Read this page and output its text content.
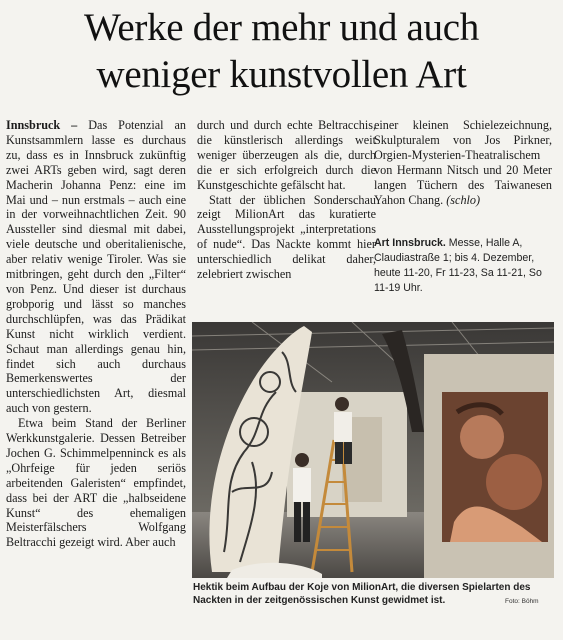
Werke der mehr und auch
weniger kunstvollen Art

Innsbruck – Das Potenzial an Kunstsammlern lasse es durchaus zu, dass es in Innsbruck zukünftig zwei ARTs geben wird, sagt deren Macherin Johanna Penz: eine im Mai und – nun erstmals – auch eine in der vorweihnachtlichen Zeit. 90 Aussteller sind diesmal mit dabei, viele deutsche und oberitalienische, aber relativ wenige Tiroler. Was sie mitbringen, geht durch den „Filter“ von Penz. Und dieser ist durchaus grobporig und lässt so manches durchschlüpfen, was das Prädikat Kunst nicht wirklich verdient. Schaut man allerdings genau hin, findet sich auch durchaus Bemerkenswertes der unterschiedlichsten Art, diesmal auch von gestern.

Etwa beim Stand der Berliner Werkkunstgalerie. Dessen Betreiber Jochen G. Schimmelpenninck es als „Ohrfeige für jeden seriös arbeitenden Galeristen“ empfindet, dass bei der ART die „halbseidene Kunst“ des ehemaligen Meisterfälschers Wolfgang Beltracchi gezeigt wird. Aber auch

durch und durch echte Beltracchis, die künstlerisch allerdings weit weniger überzeugen als die, durch die er sich erfolgreich durch die Kunstgeschichte gefälscht hat.

Statt der üblichen Sonderschau zeigt MilionArt das kuratierte Ausstellungsprojekt „interpretations of nude“. Das Nackte kommt hier unterschiedlich delikat daher, zelebriert zwischen

einer kleinen Schielezeichnung, Skulpturalem von Jos Pirkner, Orgien-Mysterien-Theatralischem von Hermann Nitsch und 20 Meter langen Tüchern des Taiwanesen Yahon Chang. (schlo)

Art Innsbruck. Messe, Halle A, Claudiastraße 1; bis 4. Dezember, heute 11-20, Fr 11-23, Sa 11-21, So 11-19 Uhr.
Hektik beim Aufbau der Koje von MilionArt, die diversen Spielarten des Nackten in der zeitgenössischen Kunst gewidmet ist.	Foto: Böhm
